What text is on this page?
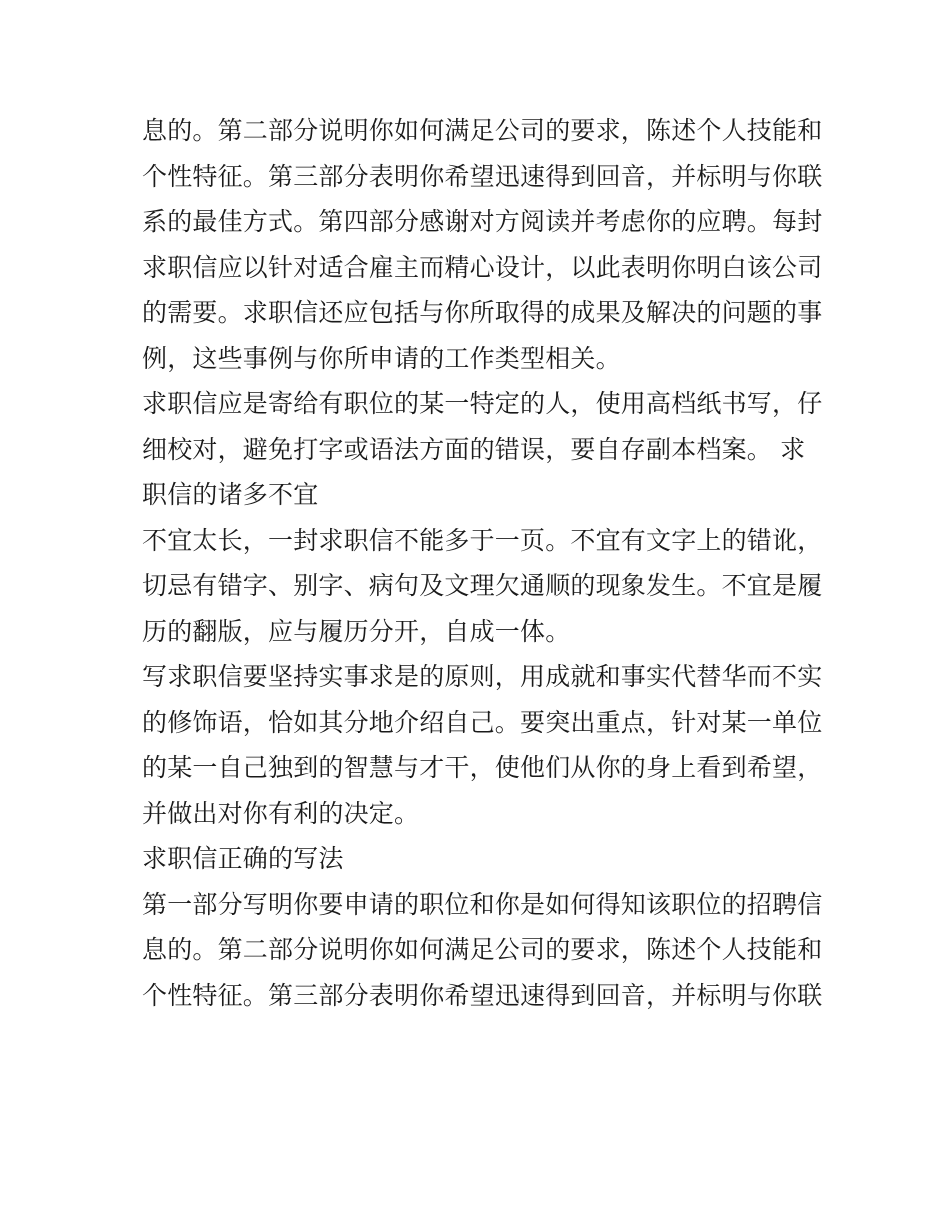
息的。第二部分说明你如何满足公司的要求，陈述个人技能和
个性特征。第三部分表明你希望迅速得到回音，并标明与你联
系的最佳方式。第四部分感谢对方阅读并考虑你的应聘。每封
求职信应以针对适合雇主而精心设计，以此表明你明白该公司
的需要。求职信还应包括与你所取得的成果及解决的问题的事
例，这些事例与你所申请的工作类型相关。
求职信应是寄给有职位的某一特定的人，使用高档纸书写，仔
细校对，避免打字或语法方面的错误，要自存副本档案。 求
职信的诸多不宜
不宜太长，一封求职信不能多于一页。不宜有文字上的错讹，
切忌有错字、别字、病句及文理欠通顺的现象发生。不宜是履
历的翻版，应与履历分开，自成一体。
写求职信要坚持实事求是的原则，用成就和事实代替华而不实
的修饰语，恰如其分地介绍自己。要突出重点，针对某一单位
的某一自己独到的智慧与才干，使他们从你的身上看到希望，
并做出对你有利的决定。
求职信正确的写法
第一部分写明你要申请的职位和你是如何得知该职位的招聘信
息的。第二部分说明你如何满足公司的要求，陈述个人技能和
个性特征。第三部分表明你希望迅速得到回音，并标明与你联
